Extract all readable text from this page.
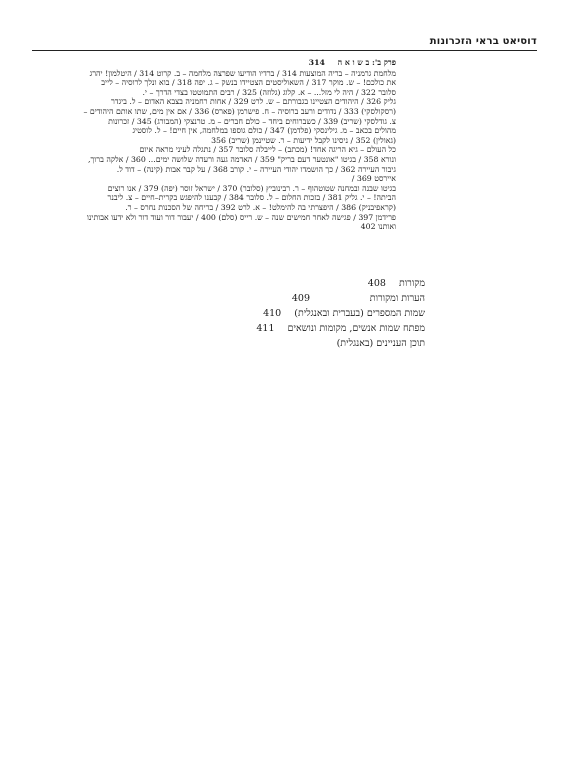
דוסיאט בראי הזכרונות
פרק ב': ב ש ו א ה 314
מלחמת גרמניה – בריה המוצעות 314 / ברדיו הודיעו שפרצה מלחמה – ב. קרוט 314 / היטלמון! יהרג
את כולכם! – ש. מוקר 317 / השאוליסטים הצטיידו בנשק – ג. יפה 318 / בוא ונלך לרוסיה – לייב
סלובר 322 / היה לי מזל... – א. קלוג (גלוזה) 325 / רבים התמוטטו בצדי הדרך – י.
גליק 326 / היהודים הצטיינו בגבורתם – ש. לרט 329 / אחות רחמניה בצבא האדום – ל. ביגדר
(רסקולסקי) 333 / נדודים ורעב ברוסיה – ח. פישרמן (פארס) 336 / אם אין מים, שתו אותם היהודים –
צ. גודלסקי (שריב) 339 / כשברוחים ביחד – כולם חברים – מ. טרנצקי (המבורג) 345 / זכרונות
מהולים בכאב – מ. גילינסקי (פלדמן) 347 / כולם גוספו במלחמה, אין חיים! – ל. לוסטיג
(גאולין) 352 / ניסינו לקבל ידיעות – ר. שטיינמן (שריב) 356
כל העולם – גיא הריגה אחד! (מכתב) – לייבלה סלובר 357 / נתגלה לעיני מראה איום
ונורא 358 / בגיטו "אונטער דעם בריק" 359 / האדמה געה ורעדה שלושה ימים... 360 / אלקה ברוך,
גיבור העיירה 362 / כך הושמדו יהודי העיירה – י. קורב 368 / על קבר אבות (קינה) – דוד ל.
איירסט 369 /
בגיטו שבנה ובמחנה שטוטהוף – ר. רבינוביץ (סלובר) 370 / ישראל זוסר (יפה) 379 / אנו רוצים
הביתה! – י. גליק 381 / בזכות החלום – ל. סלובר 384 / קבענו להיפגש בקרית–חיים – צ. ליבנר
(קראפיבניק) 386 / היפצרתי בה להימלט! – א. לרט 392 / בריחה של הסכנות נחרס – ר.
פרידמן 397 / פגישה לאחר חמישים שנה – ש. רייס (סלם) 400 / יעבור דור ועוד דור ולא ידעו אבותינו
ואותנו 402
מקורות 408
הערות ומקורות
409
שמות המספרים (בעברית ובאנגלית) 410
מפתח שמות אנשים, מקומות ונושאים 411
תוכן העניינים (באנגלית)
